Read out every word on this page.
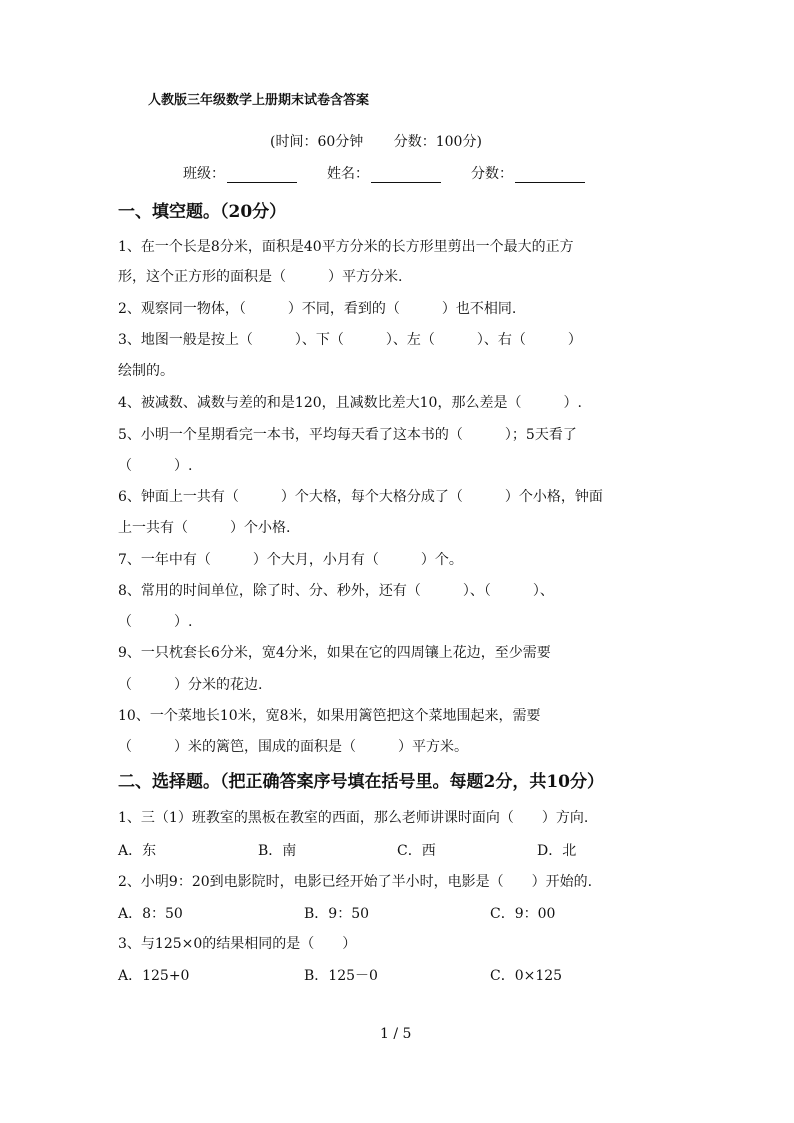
人教版三年级数学上册期末试卷含答案
(时间：60分钟 分数：100分)
班级：	姓名：	分数：
一、填空题。（20分）
1、在一个长是8分米，面积是40平方分米的长方形里剪出一个最大的正方
形，这个正方形的面积是（　　　）平方分米.
2、观察同一物体，（　　　）不同，看到的（　　　）也不相同.
3、地图一般是按上（　　　）、下（　　　）、左（　　　）、右（　　　）
绘制的。
4、被减数、减数与差的和是120，且减数比差大10，那么差是（　　　）.
5、小明一个星期看完一本书，平均每天看了这本书的（　　　）；5天看了
（　　　）.
6、钟面上一共有（　　　）个大格，每个大格分成了（　　　）个小格，钟面
上一共有（　　　）个小格.
7、一年中有（　　　）个大月，小月有（　　　）个。
8、常用的时间单位，除了时、分、秒外，还有（　　　）、（　　　）、
（　　　）.
9、一只枕套长6分米，宽4分米，如果在它的四周镶上花边，至少需要
（　　　）分米的花边.
10、一个菜地长10米，宽8米，如果用篱笆把这个菜地围起来，需要
（　　　）米的篱笆，围成的面积是（　　　）平方米。
二、选择题。（把正确答案序号填在括号里。每题2分，共10分）
1、三（1）班教室的黑板在教室的西面，那么老师讲课时面向（　　）方向.
A．东	B．南	C．西	D．北
2、小明9：20到电影院时，电影已经开始了半小时，电影是（　　）开始的.
A．8：50	B．9：50	C．9：00
3、与125×0的结果相同的是（　　）
A．125+0	B．125－0	C．0×125
1 / 5
